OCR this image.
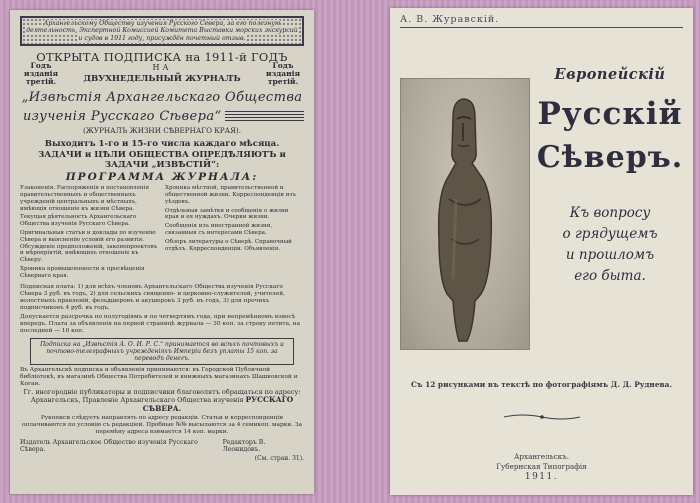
Архангельскому Обществу изучения Русского Севера, за его полезную деятельность, Экспертной Комиссией Комитета Выставки морских экскурсий и судов в 1911 году, присуждён почетный отзыв.
ОТКРЫТА ПОДПИСКА на 1911-й ГОДЪ
Годъ изданія третій.
НА
ДВУХНЕДЕЛЬНЫЙ ЖУРНАЛЪ
Годъ изданія третій.
„Извѣстія Архангельскаго Общества
изученія Русскаго Сѣвера“
(ЖУРНАЛЪ ЖИЗНИ СѢВЕРНАГО КРАЯ).
Выходитъ 1-го и 15-го числа каждаго мѣсяца.
ЗАДАЧИ и ЦѢЛИ ОБЩЕСТВА ОПРЕДѢЛЯЮТЪ и ЗАДАЧИ „ИЗВѢСТІЙ“:
ПРОГРАММА ЖУРНАЛА:

Узаконенія. Распоряженія и постановленія правительственныхъ и общественныхъ учрежденій центральныхъ и мѣстныхъ, имѣющія отношеніе къ жизни Сѣвера.

Текущая дѣятельность Архангельскаго Общества изученія Русскаго Сѣвера.

Оригинальныя статьи и доклады по изученію Сѣвера и выясненію условій его развитія. Обсужденіе предположеній, законопроектовъ и мѣропріятій, имѣющихъ отношеніе къ Сѣверу.

Хроника промышленности и просвѣщенія Сѣвернаго края.

Хроника мѣстной, правительственной и общественной жизни. Корреспонденціи изъ уѣздовъ.

Отдѣльныя замѣтки и сообщенія о жизни края и ея нуждахъ. Очерки жизни.

Сообщенія изъ иностранной жизни, связанныя съ интересами Сѣвера.

Обзоръ литературы о Сѣверѣ. Справочный отдѣлъ. Корреспонденціи. Объявленія.

Подписная плата: 1) для всѣхъ членовъ Архангельскаго Общества изученія Русскаго Сѣвера 3 руб. въ годъ, 2) для сельскихъ священно- и церковно-служителей, учителей, волостныхъ правленій, фельдшеровъ и акушерокъ 3 руб. въ годъ, 3) для прочихъ подписчиковъ 4 руб. въ годъ.
Допускается разсрочка по полугодіямъ и по четвертямъ года, при непремѣнномъ взносѣ впередъ. Плата за объявленія на первой страницѣ журнала — 30 коп. за строку петита, на последней — 10 коп.
Подписка на „Извѣстія А. О. И. Р. С.“ принимается во всѣхъ почтовыхъ и почтово-телеграфныхъ учрежденіяхъ Имперіи безъ уплаты 15 коп. за переводъ денегъ.
Въ Архангельскѣ подписка и объявленія принимаются: въ Городской Публичной библіотекѣ, въ магазинѣ Общества Потребителей и книжныхъ магазинахъ Шашковской и Коган.
Гг. иногородніе публикаторы и подписчики благоволятъ обращаться по адресу: Архангельскъ, Правленіе Архангельскаго Общества изученія РУССКАГО СѢВЕРА.
Рукописи слѣдуетъ направлять по адресу редакціи. Статьи и корреспонденціи оплачиваются по условію съ редакціей. Пробные №№ высылаются за 4 семикоп. марки. За перемѣну адреса взимается 14 коп. марки.
Издатель Архангельское Общество изученія Русскаго Сѣвера.
Редакторъ В. Леонидовъ.
(См. стран. 31).
А. В. Журавскій.
Европейскій
Русскій
Сѣверъ.
Къ вопросу
о грядущемъ
и прошломъ
его быта.
Съ 12 рисунками въ текстѣ по фотографіямъ Д. Д. Руднева.
Архангельскъ.
Губернская Типографія
1911.
